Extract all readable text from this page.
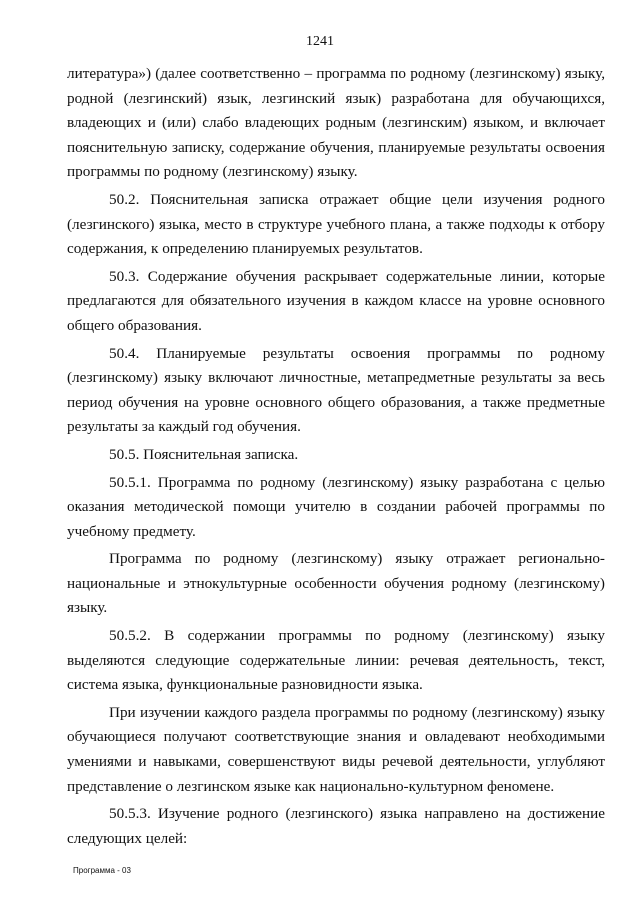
1241

литература») (далее соответственно – программа по родному (лезгинскому) языку, родной (лезгинский) язык, лезгинский язык) разработана для обучающихся, владеющих и (или) слабо владеющих родным (лезгинским) языком, и включает пояснительную записку, содержание обучения, планируемые результаты освоения программы по родному (лезгинскому) языку.

50.2. Пояснительная записка отражает общие цели изучения родного (лезгинского) языка, место в структуре учебного плана, а также подходы к отбору содержания, к определению планируемых результатов.

50.3. Содержание обучения раскрывает содержательные линии, которые предлагаются для обязательного изучения в каждом классе на уровне основного общего образования.

50.4. Планируемые результаты освоения программы по родному (лезгинскому) языку включают личностные, метапредметные результаты за весь период обучения на уровне основного общего образования, а также предметные результаты за каждый год обучения.

50.5. Пояснительная записка.

50.5.1. Программа по родному (лезгинскому) языку разработана с целью оказания методической помощи учителю в создании рабочей программы по учебному предмету.

Программа по родному (лезгинскому) языку отражает регионально-национальные и этнокультурные особенности обучения родному (лезгинскому) языку.

50.5.2. В содержании программы по родному (лезгинскому) языку выделяются следующие содержательные линии: речевая деятельность, текст, система языка, функциональные разновидности языка.

При изучении каждого раздела программы по родному (лезгинскому) языку обучающиеся получают соответствующие знания и овладевают необходимыми умениями и навыками, совершенствуют виды речевой деятельности, углубляют представление о лезгинском языке как национально-культурном феномене.

50.5.3. Изучение родного (лезгинского) языка направлено на достижение следующих целей:

Программа - 03
